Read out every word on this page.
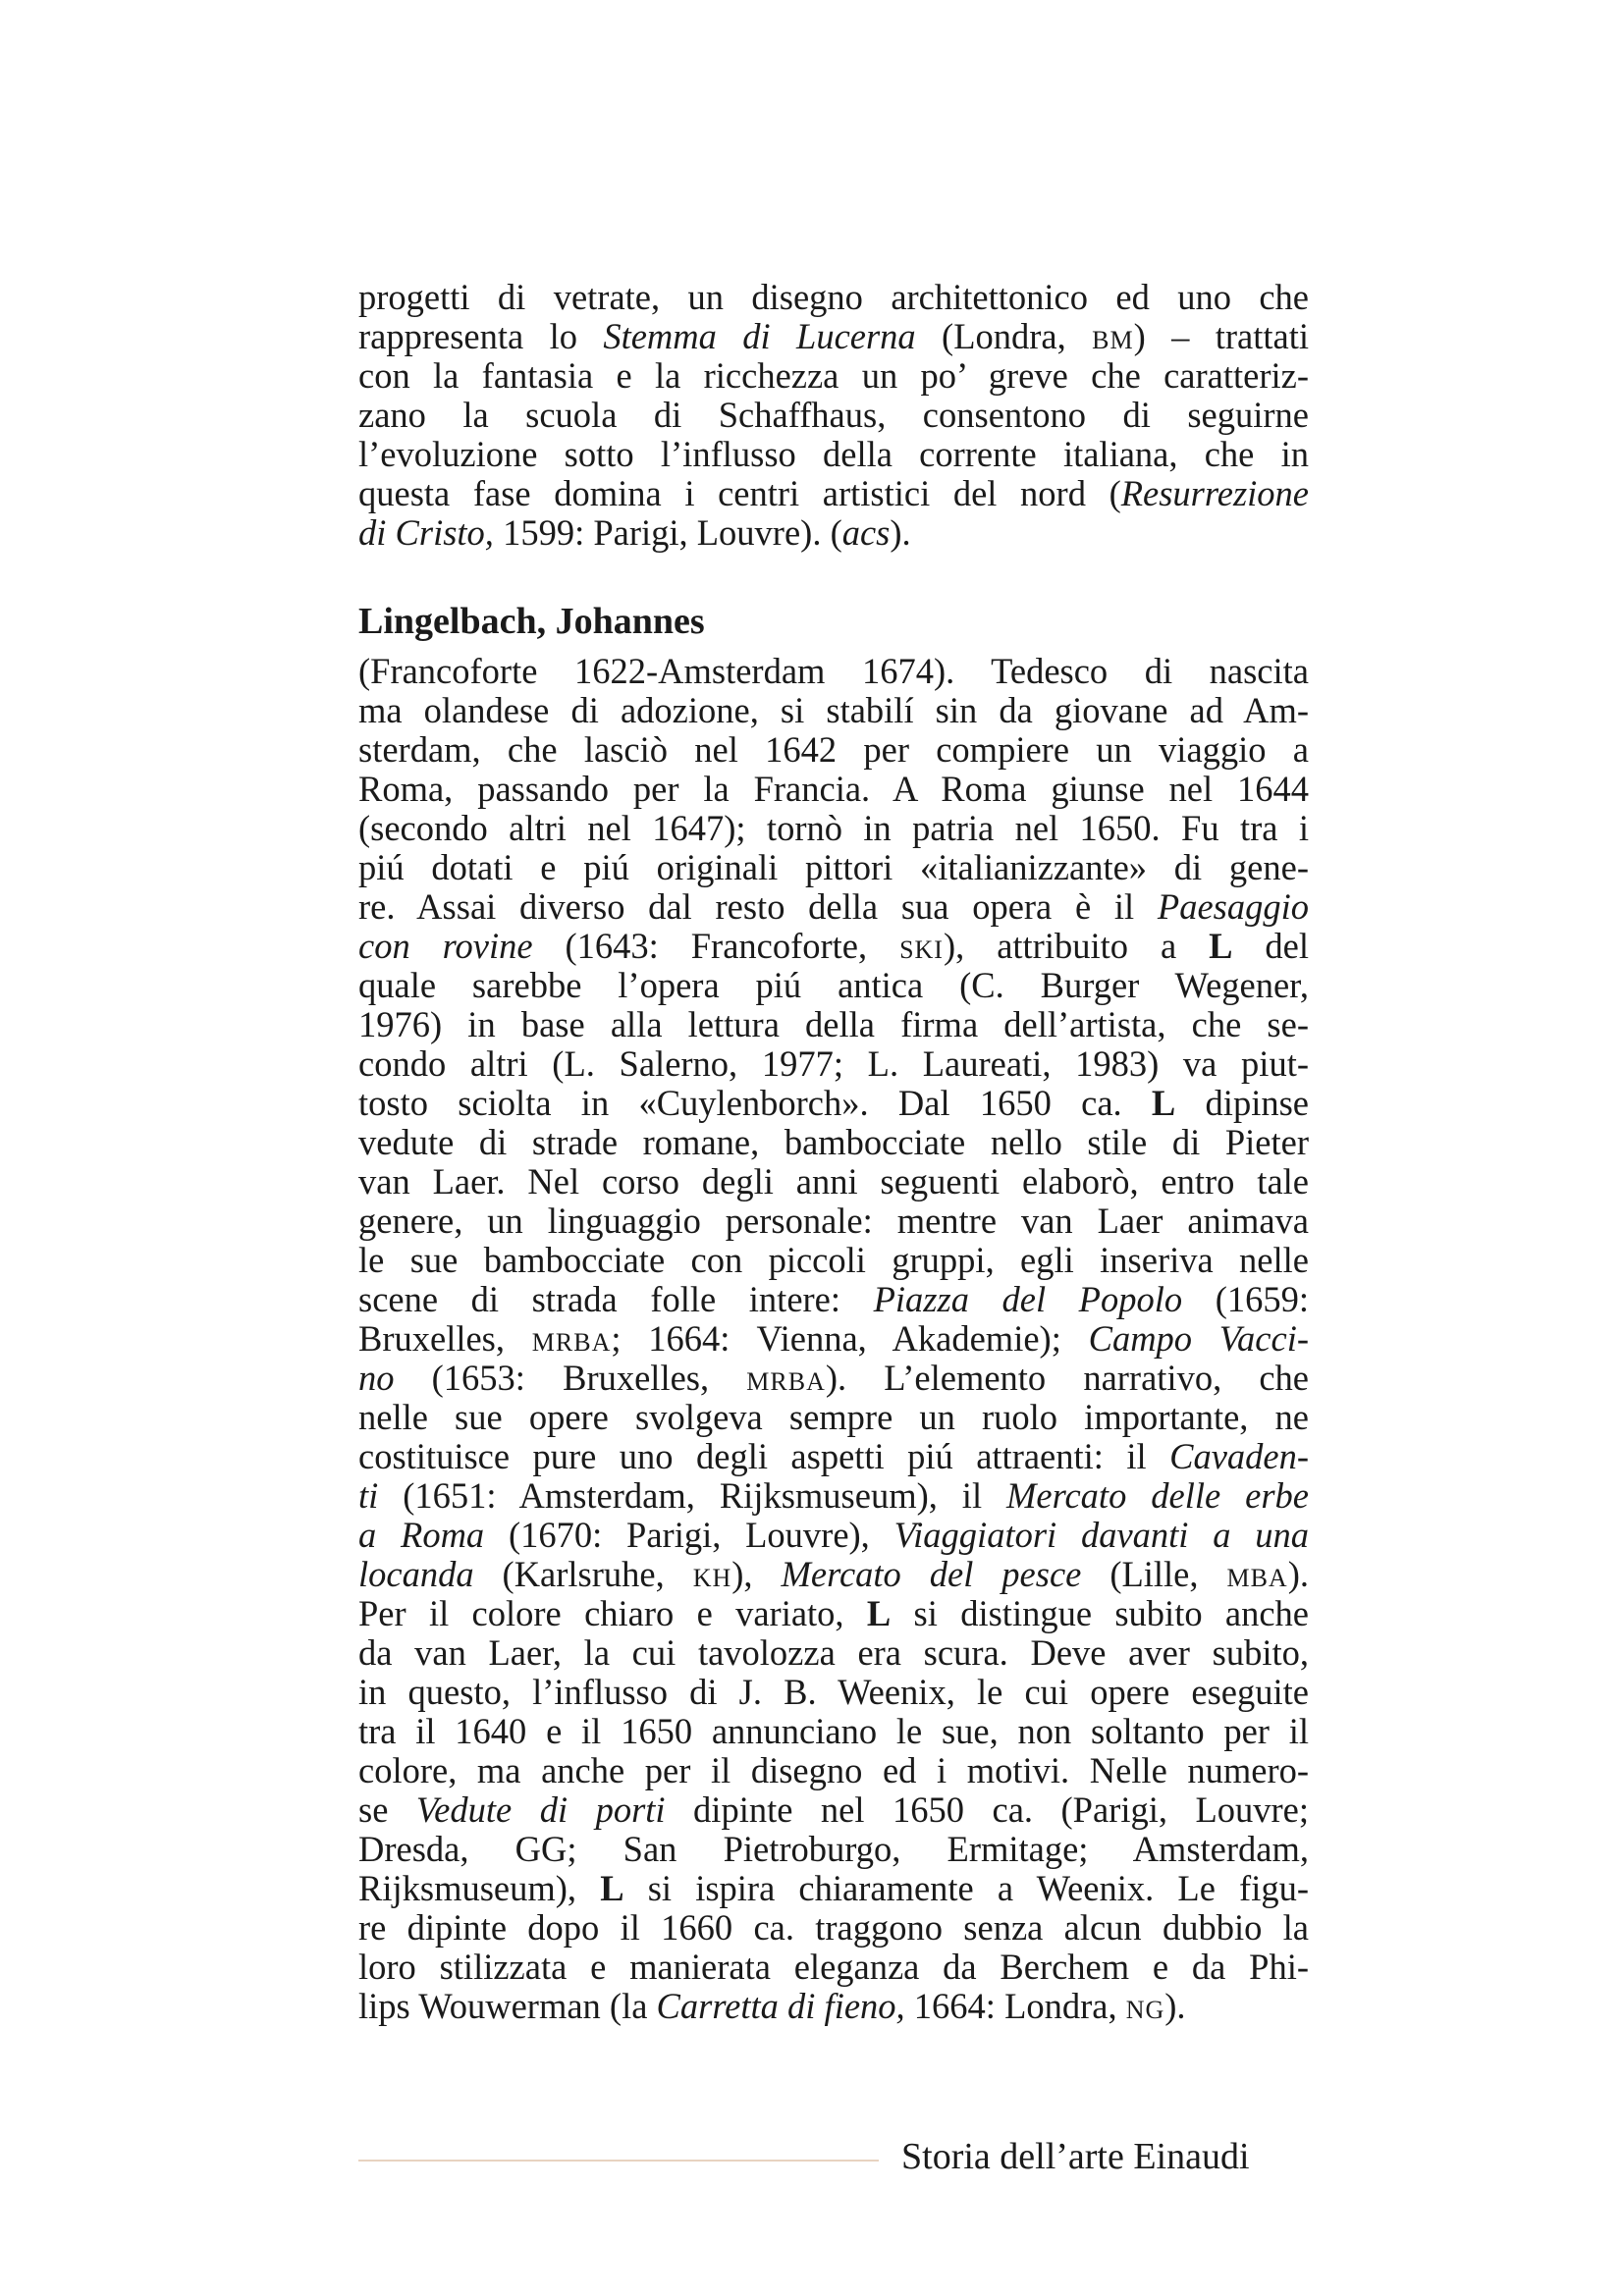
progetti di vetrate, un disegno architettonico ed uno che
rappresenta lo Stemma di Lucerna (Londra, bm) – trattati
con la fantasia e la ricchezza un po’ greve che caratteriz-
zano la scuola di Schaffhaus, consentono di seguirne
l’evoluzione sotto l’influsso della corrente italiana, che in
questa fase domina i centri artistici del nord (Resurrezione
di Cristo, 1599: Parigi, Louvre). (acs).
Lingelbach, Johannes
(Francoforte 1622-Amsterdam 1674). Tedesco di nascita
ma olandese di adozione, si stabilí sin da giovane ad Am-
sterdam, che lasciò nel 1642 per compiere un viaggio a
Roma, passando per la Francia. A Roma giunse nel 1644
(secondo altri nel 1647); tornò in patria nel 1650. Fu tra i
piú dotati e piú originali pittori «italianizzante» di gene-
re. Assai diverso dal resto della sua opera è il Paesaggio
con rovine (1643: Francoforte, ski), attribuito a L del
quale sarebbe l’opera piú antica (C. Burger Wegener,
1976) in base alla lettura della firma dell’artista, che se-
condo altri (L. Salerno, 1977; L. Laureati, 1983) va piut-
tosto sciolta in «Cuylenborch». Dal 1650 ca. L dipinse
vedute di strade romane, bambocciate nello stile di Pieter
van Laer. Nel corso degli anni seguenti elaborò, entro tale
genere, un linguaggio personale: mentre van Laer animava
le sue bambocciate con piccoli gruppi, egli inseriva nelle
scene di strada folle intere: Piazza del Popolo (1659:
Bruxelles, mrba; 1664: Vienna, Akademie); Campo Vacci-
no (1653: Bruxelles, mrba). L’elemento narrativo, che
nelle sue opere svolgeva sempre un ruolo importante, ne
costituisce pure uno degli aspetti piú attraenti: il Cavaden-
ti (1651: Amsterdam, Rijksmuseum), il Mercato delle erbe
a Roma (1670: Parigi, Louvre), Viaggiatori davanti a una
locanda (Karlsruhe, kh), Mercato del pesce (Lille, mba).
Per il colore chiaro e variato, L si distingue subito anche
da van Laer, la cui tavolozza era scura. Deve aver subito,
in questo, l’influsso di J. B. Weenix, le cui opere eseguite
tra il 1640 e il 1650 annunciano le sue, non soltanto per il
colore, ma anche per il disegno ed i motivi. Nelle numero-
se Vedute di porti dipinte nel 1650 ca. (Parigi, Louvre;
Dresda, GG; San Pietroburgo, Ermitage; Amsterdam,
Rijksmuseum), L si ispira chiaramente a Weenix. Le figu-
re dipinte dopo il 1660 ca. traggono senza alcun dubbio la
loro stilizzata e manierata eleganza da Berchem e da Phi-
lips Wouwerman (la Carretta di fieno, 1664: Londra, ng).
Storia dell’arte Einaudi
